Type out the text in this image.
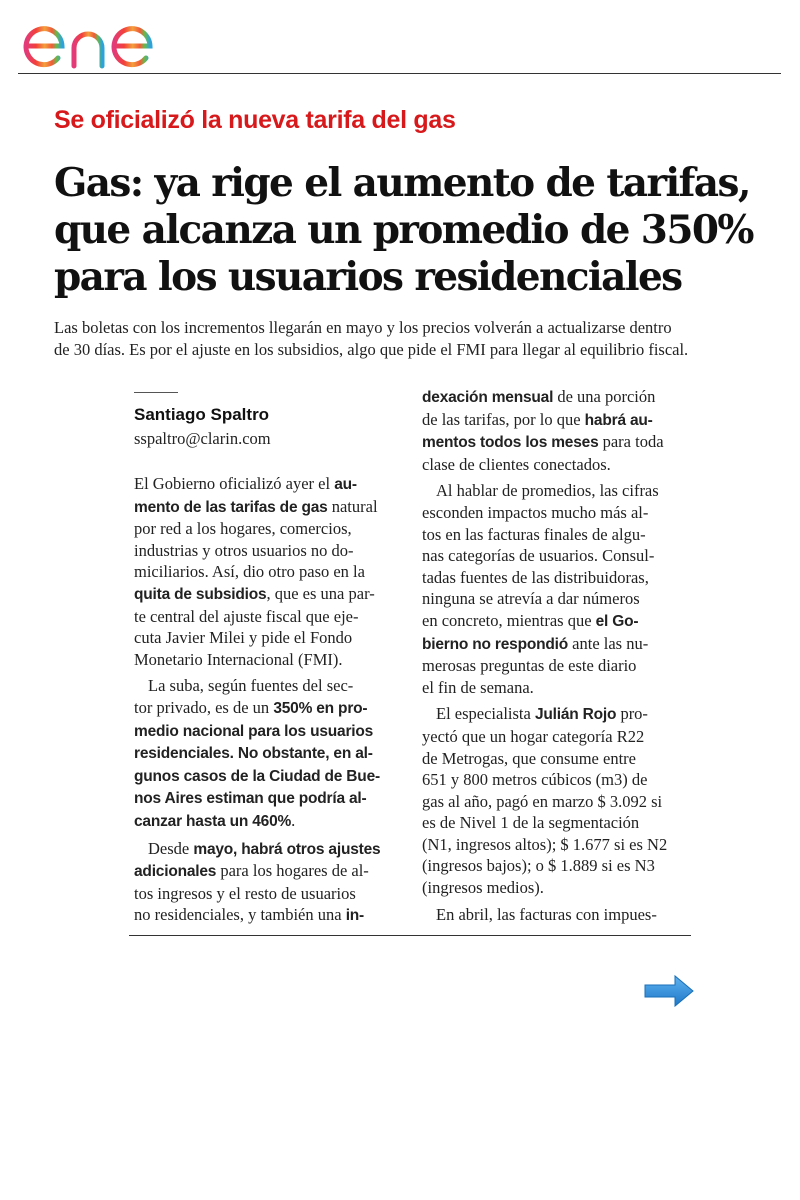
Se oficializó la nueva tarifa del gas
Gas: ya rige el aumento de tarifas,
que alcanza un promedio de 350%
para los usuarios residenciales
Las boletas con los incrementos llegarán en mayo y los precios volverán a actualizarse dentro
de 30 días. Es por el ajuste en los subsidios, algo que pide el FMI para llegar al equilibrio fiscal.
Santiago Spaltro
sspaltro@clarin.com
El Gobierno oficializó ayer el au-
mento de las tarifas de gas natural
por red a los hogares, comercios,
industrias y otros usuarios no do-
miciliarios. Así, dio otro paso en la
quita de subsidios, que es una par-
te central del ajuste fiscal que eje-
cuta Javier Milei y pide el Fondo
Monetario Internacional (FMI).
La suba, según fuentes del sec-
tor privado, es de un 350% en pro-
medio nacional para los usuarios
residenciales. No obstante, en al-
gunos casos de la Ciudad de Bue-
nos Aires estiman que podría al-
canzar hasta un 460%.
Desde mayo, habrá otros ajustes
adicionales para los hogares de al-
tos ingresos y el resto de usuarios
no residenciales, y también una in-
dexación mensual de una porción
de las tarifas, por lo que habrá au-
mentos todos los meses para toda
clase de clientes conectados.
Al hablar de promedios, las cifras
esconden impactos mucho más al-
tos en las facturas finales de algu-
nas categorías de usuarios. Consul-
tadas fuentes de las distribuidoras,
ninguna se atrevía a dar números
en concreto, mientras que el Go-
bierno no respondió ante las nu-
merosas preguntas de este diario
el fin de semana.
El especialista Julián Rojo pro-
yectó que un hogar categoría R22
de Metrogas, que consume entre
651 y 800 metros cúbicos (m3) de
gas al año, pagó en marzo $ 3.092 si
es de Nivel 1 de la segmentación
(N1, ingresos altos); $ 1.677 si es N2
(ingresos bajos); o $ 1.889 si es N3
(ingresos medios).
En abril, las facturas con impues-
